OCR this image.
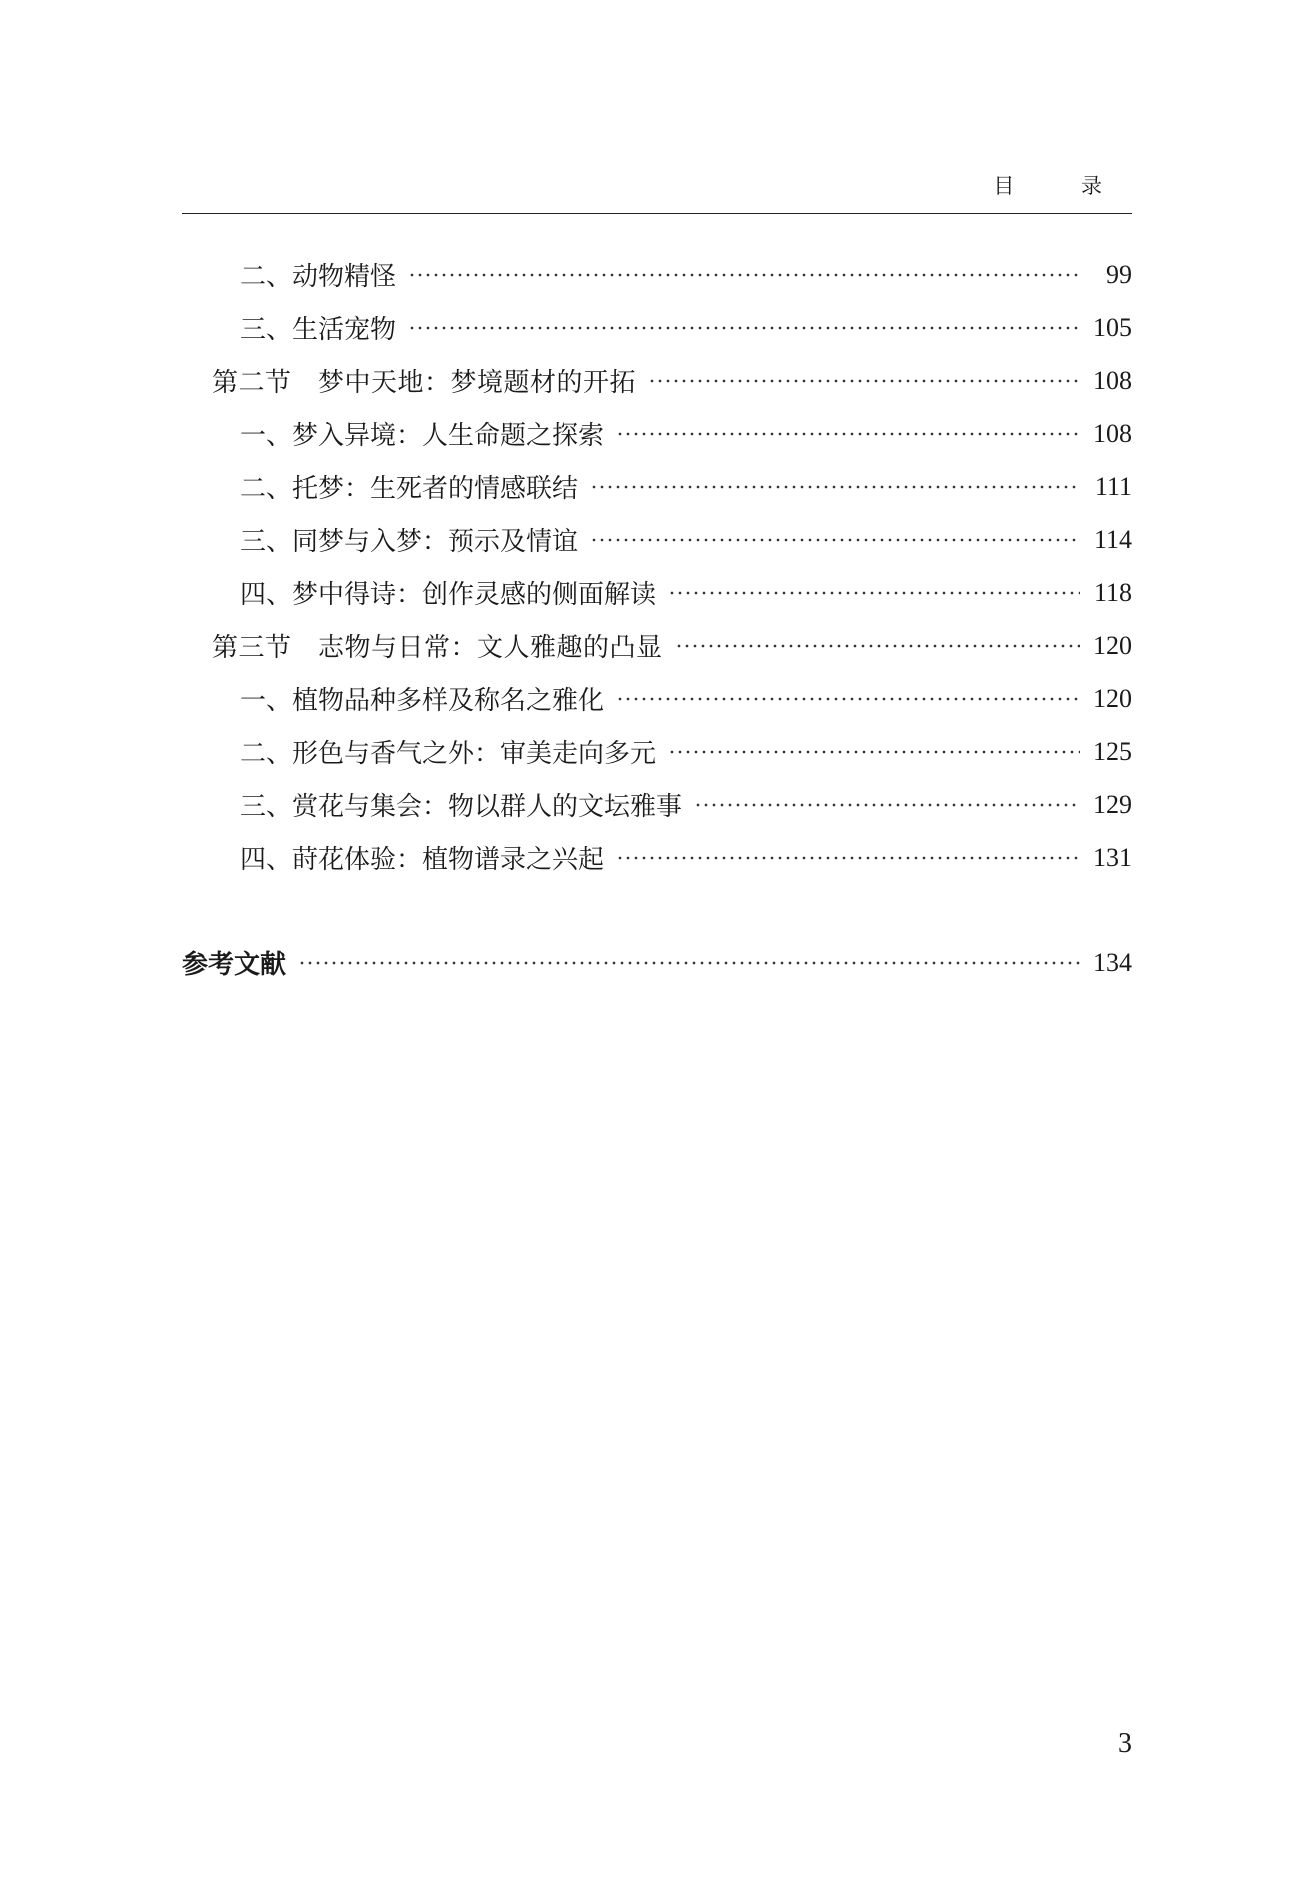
目 录
二、动物精怪	99
三、生活宠物	105
第二节　梦中天地：梦境题材的开拓	108
一、梦入异境：人生命题之探索	108
二、托梦：生死者的情感联结	111
三、同梦与入梦：预示及情谊	114
四、梦中得诗：创作灵感的侧面解读	118
第三节　志物与日常：文人雅趣的凸显	120
一、植物品种多样及称名之雅化	120
二、形色与香气之外：审美走向多元	125
三、赏花与集会：物以群人的文坛雅事	129
四、莳花体验：植物谱录之兴起	131
参考文献	134
3
